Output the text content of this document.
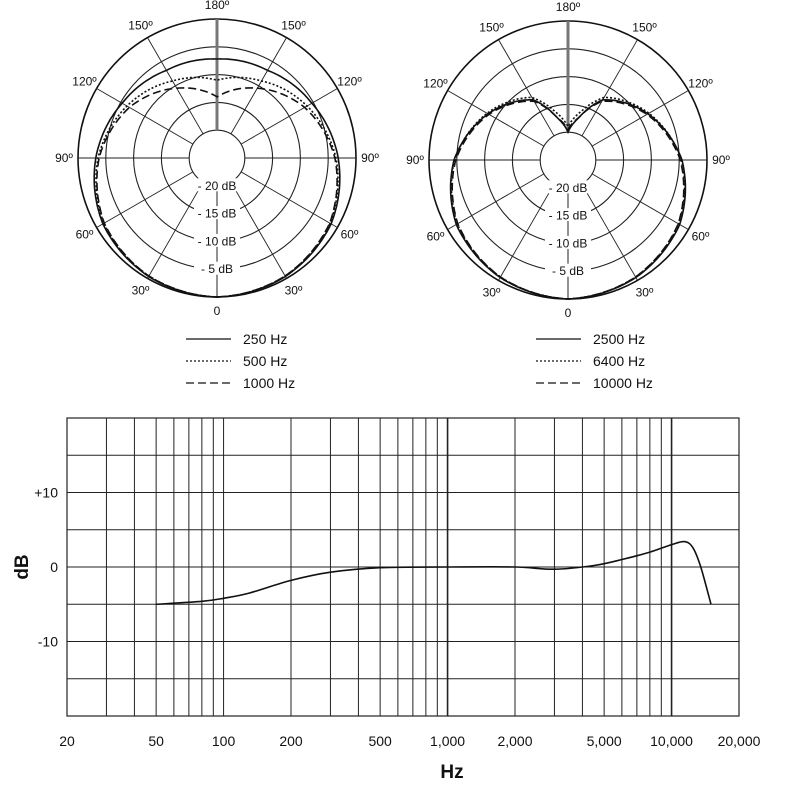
180º
150º
150º
120º
120º
90º
90º
60º
60º
30º
30º
0
- 20 dB
- 15 dB
- 10 dB
- 5 dB
180º
150º
150º
120º
120º
90º
90º
60º
60º
30º
30º
0
- 20 dB
- 15 dB
- 10 dB
- 5 dB
250 Hz
500 Hz
1000 Hz
2500 Hz
6400 Hz
10000 Hz
20	50	100	200	500	1,000 2,000	5,000 10,000 20,000
+10
0
-10
Hz
dB
